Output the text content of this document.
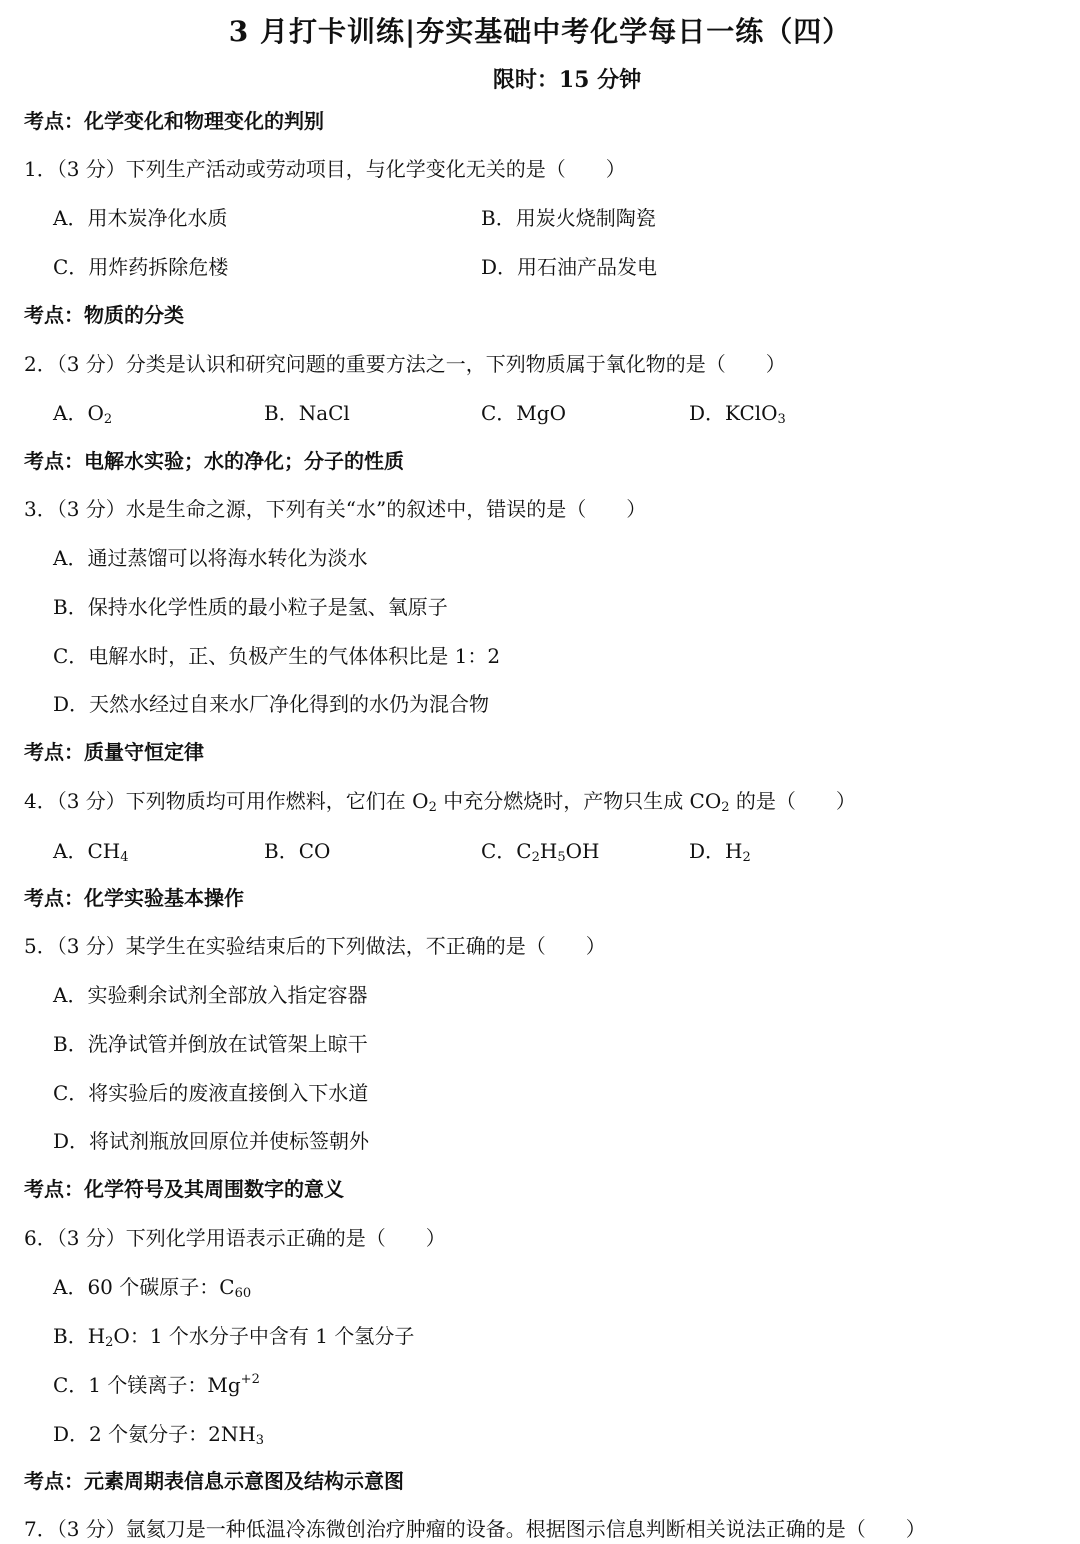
3 月打卡训练|夯实基础中考化学每日一练（四）
限时：15 分钟
考点：化学变化和物理变化的判别
1．（3 分）下列生产活动或劳动项目，与化学变化无关的是（　　）
A．用木炭净化水质	B．用炭火烧制陶瓷
C．用炸药拆除危楼	D．用石油产品发电
考点：物质的分类
2．（3 分）分类是认识和研究问题的重要方法之一，下列物质属于氧化物的是（　　）
A．$O_2$	B．NaCl	C．MgO	D．KClO$_3$
考点：电解水实验；水的净化；分子的性质
3．（3 分）水是生命之源，下列有关“水”的叙述中，错误的是（　　）
A．通过蒸馏可以将海水转化为淡水
B．保持水化学性质的最小粒子是氢、氧原子
C．电解水时，正、负极产生的气体体积比是 1：2
D．天然水经过自来水厂净化得到的水仍为混合物
考点：质量守恒定律
4．（3 分）下列物质均可用作燃料，它们在 $O_2$ 中充分燃烧时，产物只生成 $CO_2$ 的是（　　）
A．$CH_4$	B．CO	C．$C_2H_5OH$	D．$H_2$
考点：化学实验基本操作
5．（3 分）某学生在实验结束后的下列做法，不正确的是（　　）
A．实验剩余试剂全部放入指定容器
B．洗净试管并倒放在试管架上晾干
C．将实验后的废液直接倒入下水道
D．将试剂瓶放回原位并使标签朝外
考点：化学符号及其周围数字的意义
6．（3 分）下列化学用语表示正确的是（　　）
A．60 个碳原子：$C_{60}$
B．$H_2O$：1 个水分子中含有 1 个氢分子
C．1 个镁离子：$Mg^{+2}$
D．2 个氨分子：$2NH_3$
考点：元素周期表信息示意图及结构示意图
7．（3 分）氩氦刀是一种低温冷冻微创治疗肿瘤的设备。根据图示信息判断相关说法正确的是（　　）
